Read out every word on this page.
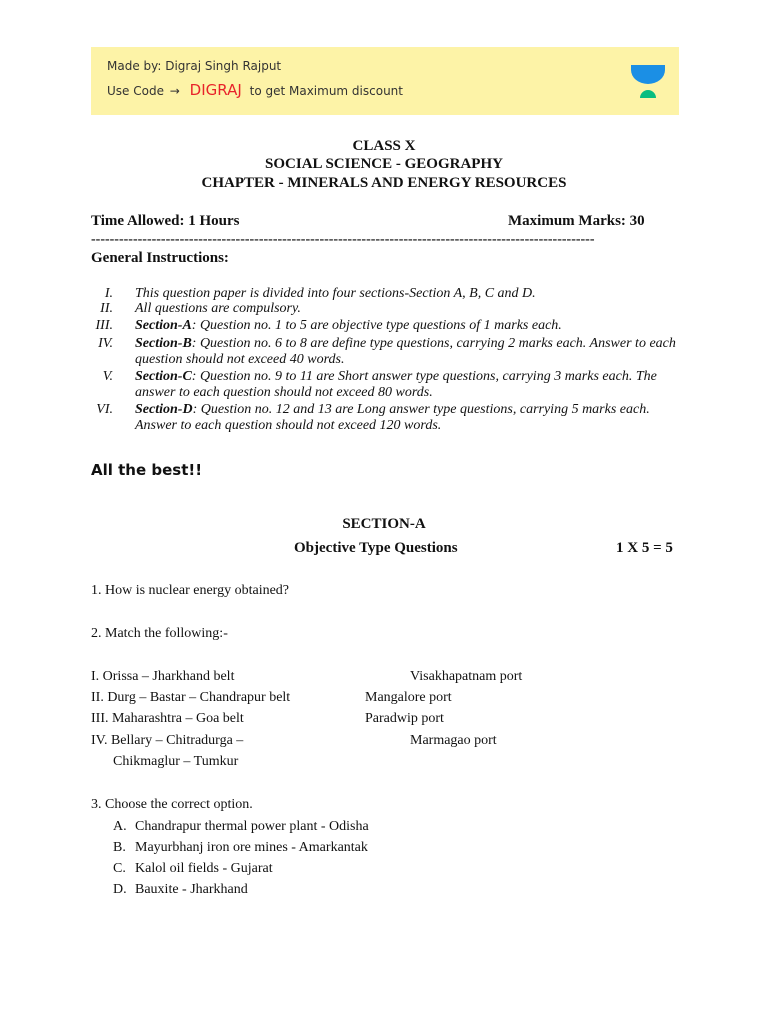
Made by: Digraj Singh Rajput
Use Code → DIGRAJ to get Maximum discount
CLASS X
SOCIAL SCIENCE - GEOGRAPHY
CHAPTER - MINERALS AND ENERGY RESOURCES
Time Allowed: 1 Hours	Maximum Marks: 30
------------------------------------------------------------------------------------------------------------
General Instructions:
I. This question paper is divided into four sections-Section A, B, C and D.
II. All questions are compulsory.
III. Section-A: Question no. 1 to 5 are objective type questions of 1 marks each.
IV. Section-B: Question no. 6 to 8 are define type questions, carrying 2 marks each. Answer to each question should not exceed 40 words.
V. Section-C: Question no. 9 to 11 are Short answer type questions, carrying 3 marks each. The answer to each question should not exceed 80 words.
VI. Section-D: Question no. 12 and 13 are Long answer type questions, carrying 5 marks each. Answer to each question should not exceed 120 words.
All the best!!
SECTION-A
Objective Type Questions	1 X 5 = 5
1. How is nuclear energy obtained?
2. Match the following:-
I. Orissa – Jharkhand belt
II. Durg – Bastar – Chandrapur belt
III. Maharashtra – Goa belt
IV. Bellary – Chitradurga –
Chikmaglur – Tumkur
Visakhapatnam port
Mangalore port
Paradwip port
Marmagao port
3. Choose the correct option.
A. Chandrapur thermal power plant - Odisha
B. Mayurbhanj iron ore mines - Amarkantak
C. Kalol oil fields - Gujarat
D. Bauxite - Jharkhand
